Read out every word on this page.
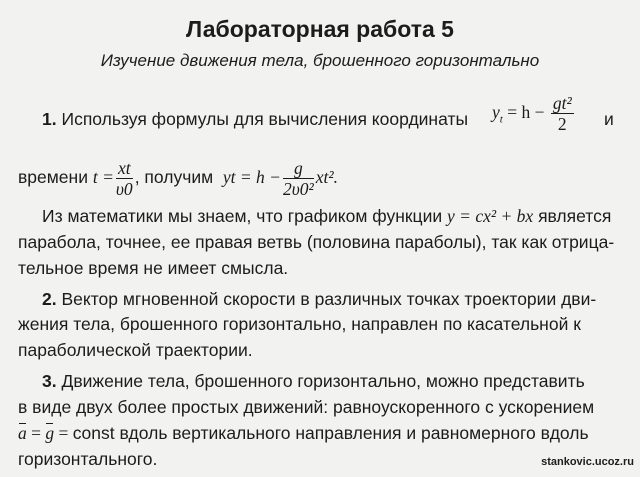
Лабораторная работа 5
Изучение движения тела, брошенного горизонтально
1. Используя формулы для вычисления координаты $y_t = h - \frac{\text{gt²}}{2}$ и
времени $t = \frac{xt}{\upsilon 0}$ , получим yt = $h - \frac{g}{\text{2υ0²}} xt^2$.
Из математики мы знаем, что графиком функции y = cx² + bx является
парабола, точнее, ее правая ветвь (половина параболы), так как отрица-
тельное время не имеет смысла.
2. Вектор мгновенной скорости в различных точках троектории дви-
жения тела, брошенного горизонтально, направлен по касательной к
параболической траектории.
3. Движение тела, брошенного горизонтально, можно представить
в виде двух более простых движений: равноускоренного с ускорением
a = g = const вдоль вертикального направления и равномерного вдоль
горизонтального.	stankovic.ucoz.ru
